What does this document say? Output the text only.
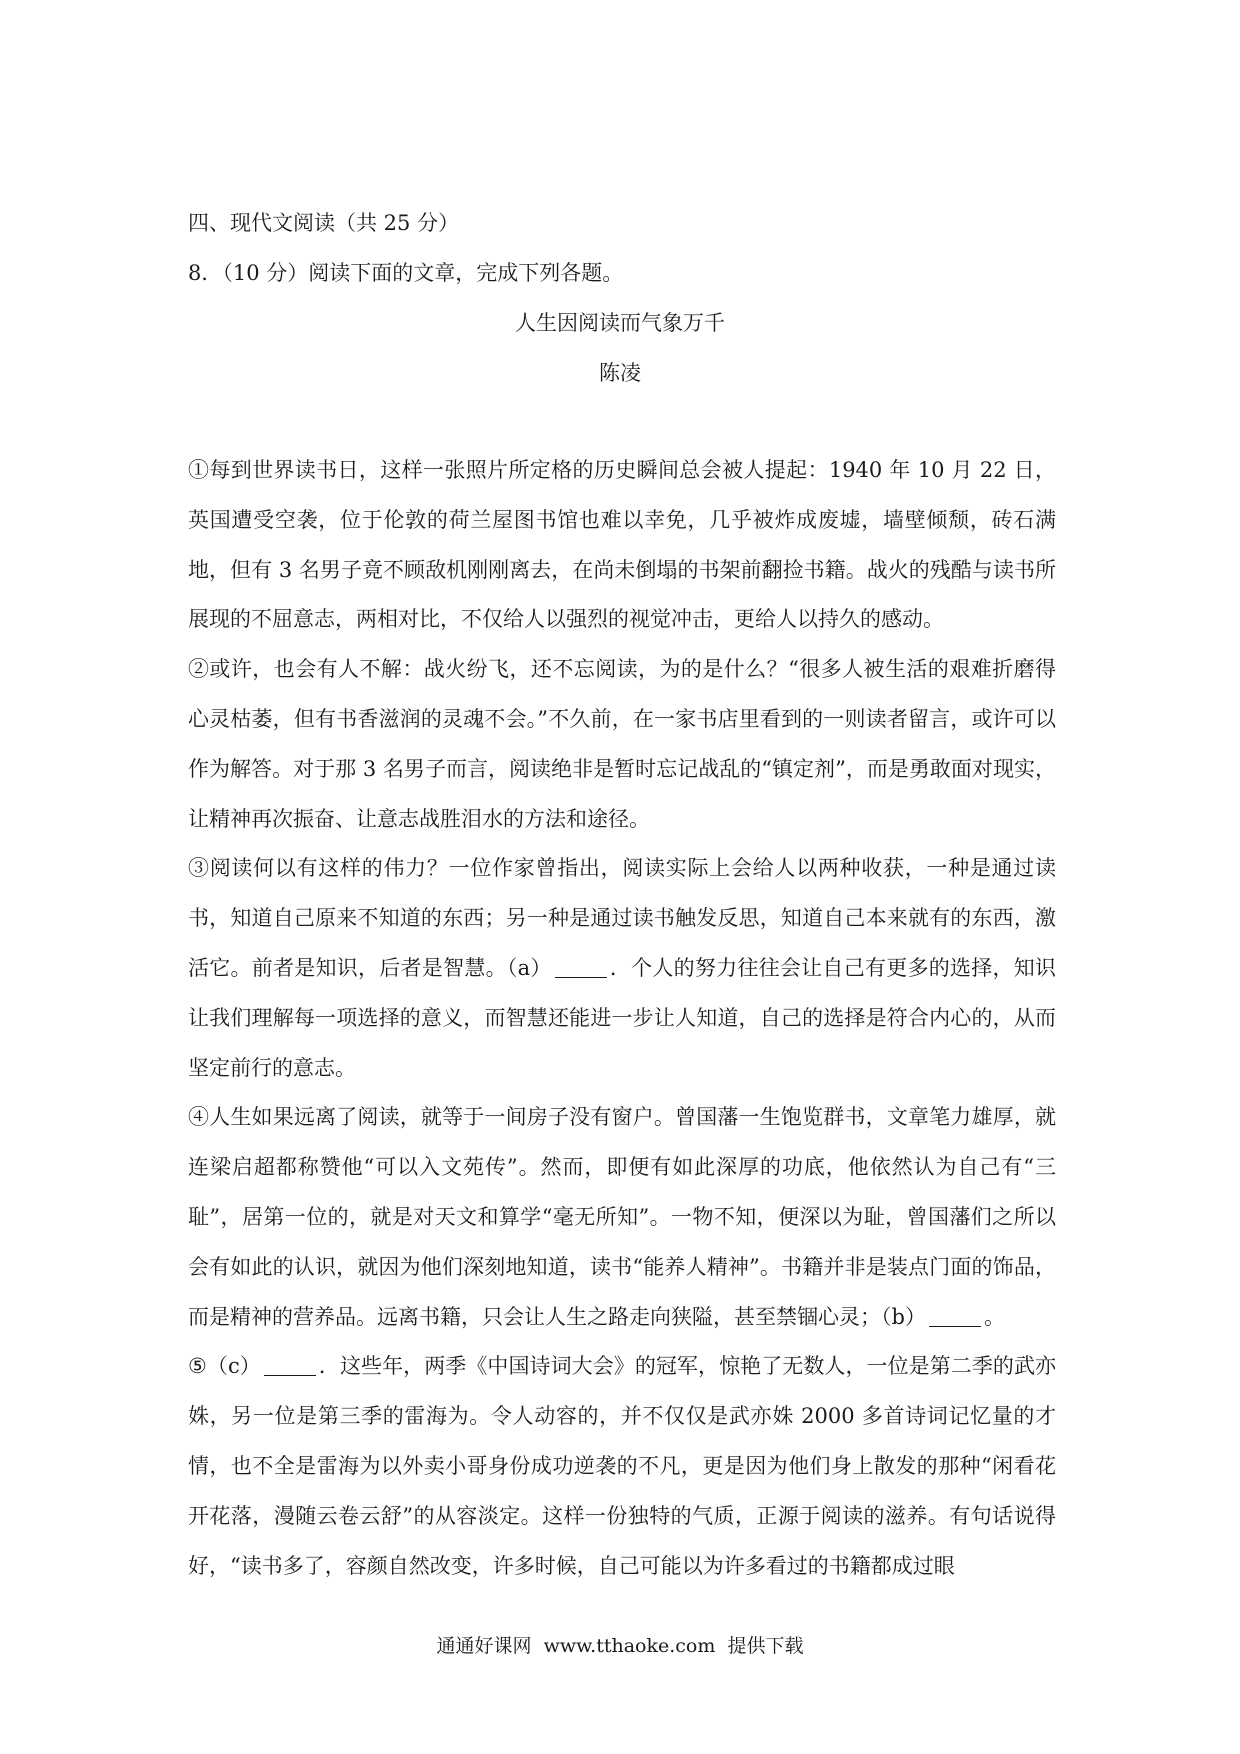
四、现代文阅读（共 25 分）
8．（10 分）阅读下面的文章，完成下列各题。
人生因阅读而气象万千
陈凌

①每到世界读书日，这样一张照片所定格的历史瞬间总会被人提起：1940 年 10 月 22 日，英国遭受空袭，位于伦敦的荷兰屋图书馆也难以幸免，几乎被炸成废墟，墙壁倾颓，砖石满地，但有 3 名男子竟不顾敌机刚刚离去，在尚未倒塌的书架前翻捡书籍。战火的残酷与读书所展现的不屈意志，两相对比，不仅给人以强烈的视觉冲击，更给人以持久的感动。

②或许，也会有人不解：战火纷飞，还不忘阅读，为的是什么？“很多人被生活的艰难折磨得心灵枯萎，但有书香滋润的灵魂不会。”不久前，在一家书店里看到的一则读者留言，或许可以作为解答。对于那 3 名男子而言，阅读绝非是暂时忘记战乱的“镇定剂”，而是勇敢面对现实，让精神再次振奋、让意志战胜泪水的方法和途径。

③阅读何以有这样的伟力？一位作家曾指出，阅读实际上会给人以两种收获，一种是通过读书，知道自己原来不知道的东西；另一种是通过读书触发反思，知道自己本来就有的东西，激活它。前者是知识，后者是智慧。（a）	．个人的努力往往会让自己有更多的选择，知识让我们理解每一项选择的意义，而智慧还能进一步让人知道，自己的选择是符合内心的，从而坚定前行的意志。

④人生如果远离了阅读，就等于一间房子没有窗户。曾国藩一生饱览群书，文章笔力雄厚，就连梁启超都称赞他“可以入文苑传”。然而，即便有如此深厚的功底，他依然认为自己有“三耻”，居第一位的，就是对天文和算学“毫无所知”。一物不知，便深以为耻，曾国藩们之所以会有如此的认识，就因为他们深刻地知道，读书“能养人精神”。书籍并非是装点门面的饰品，而是精神的营养品。远离书籍，只会让人生之路走向狭隘，甚至禁锢心灵；（b）	。

⑤（c）	．这些年，两季《中国诗词大会》的冠军，惊艳了无数人，一位是第二季的武亦姝，另一位是第三季的雷海为。令人动容的，并不仅仅是武亦姝 2000 多首诗词记忆量的才情，也不全是雷海为以外卖小哥身份成功逆袭的不凡，更是因为他们身上散发的那种“闲看花开花落，漫随云卷云舒”的从容淡定。这样一份独特的气质，正源于阅读的滋养。有句话说得好，“读书多了，容颜自然改变，许多时候，自己可能以为许多看过的书籍都成过眼

通通好课网  www.tthaoke.com  提供下载
